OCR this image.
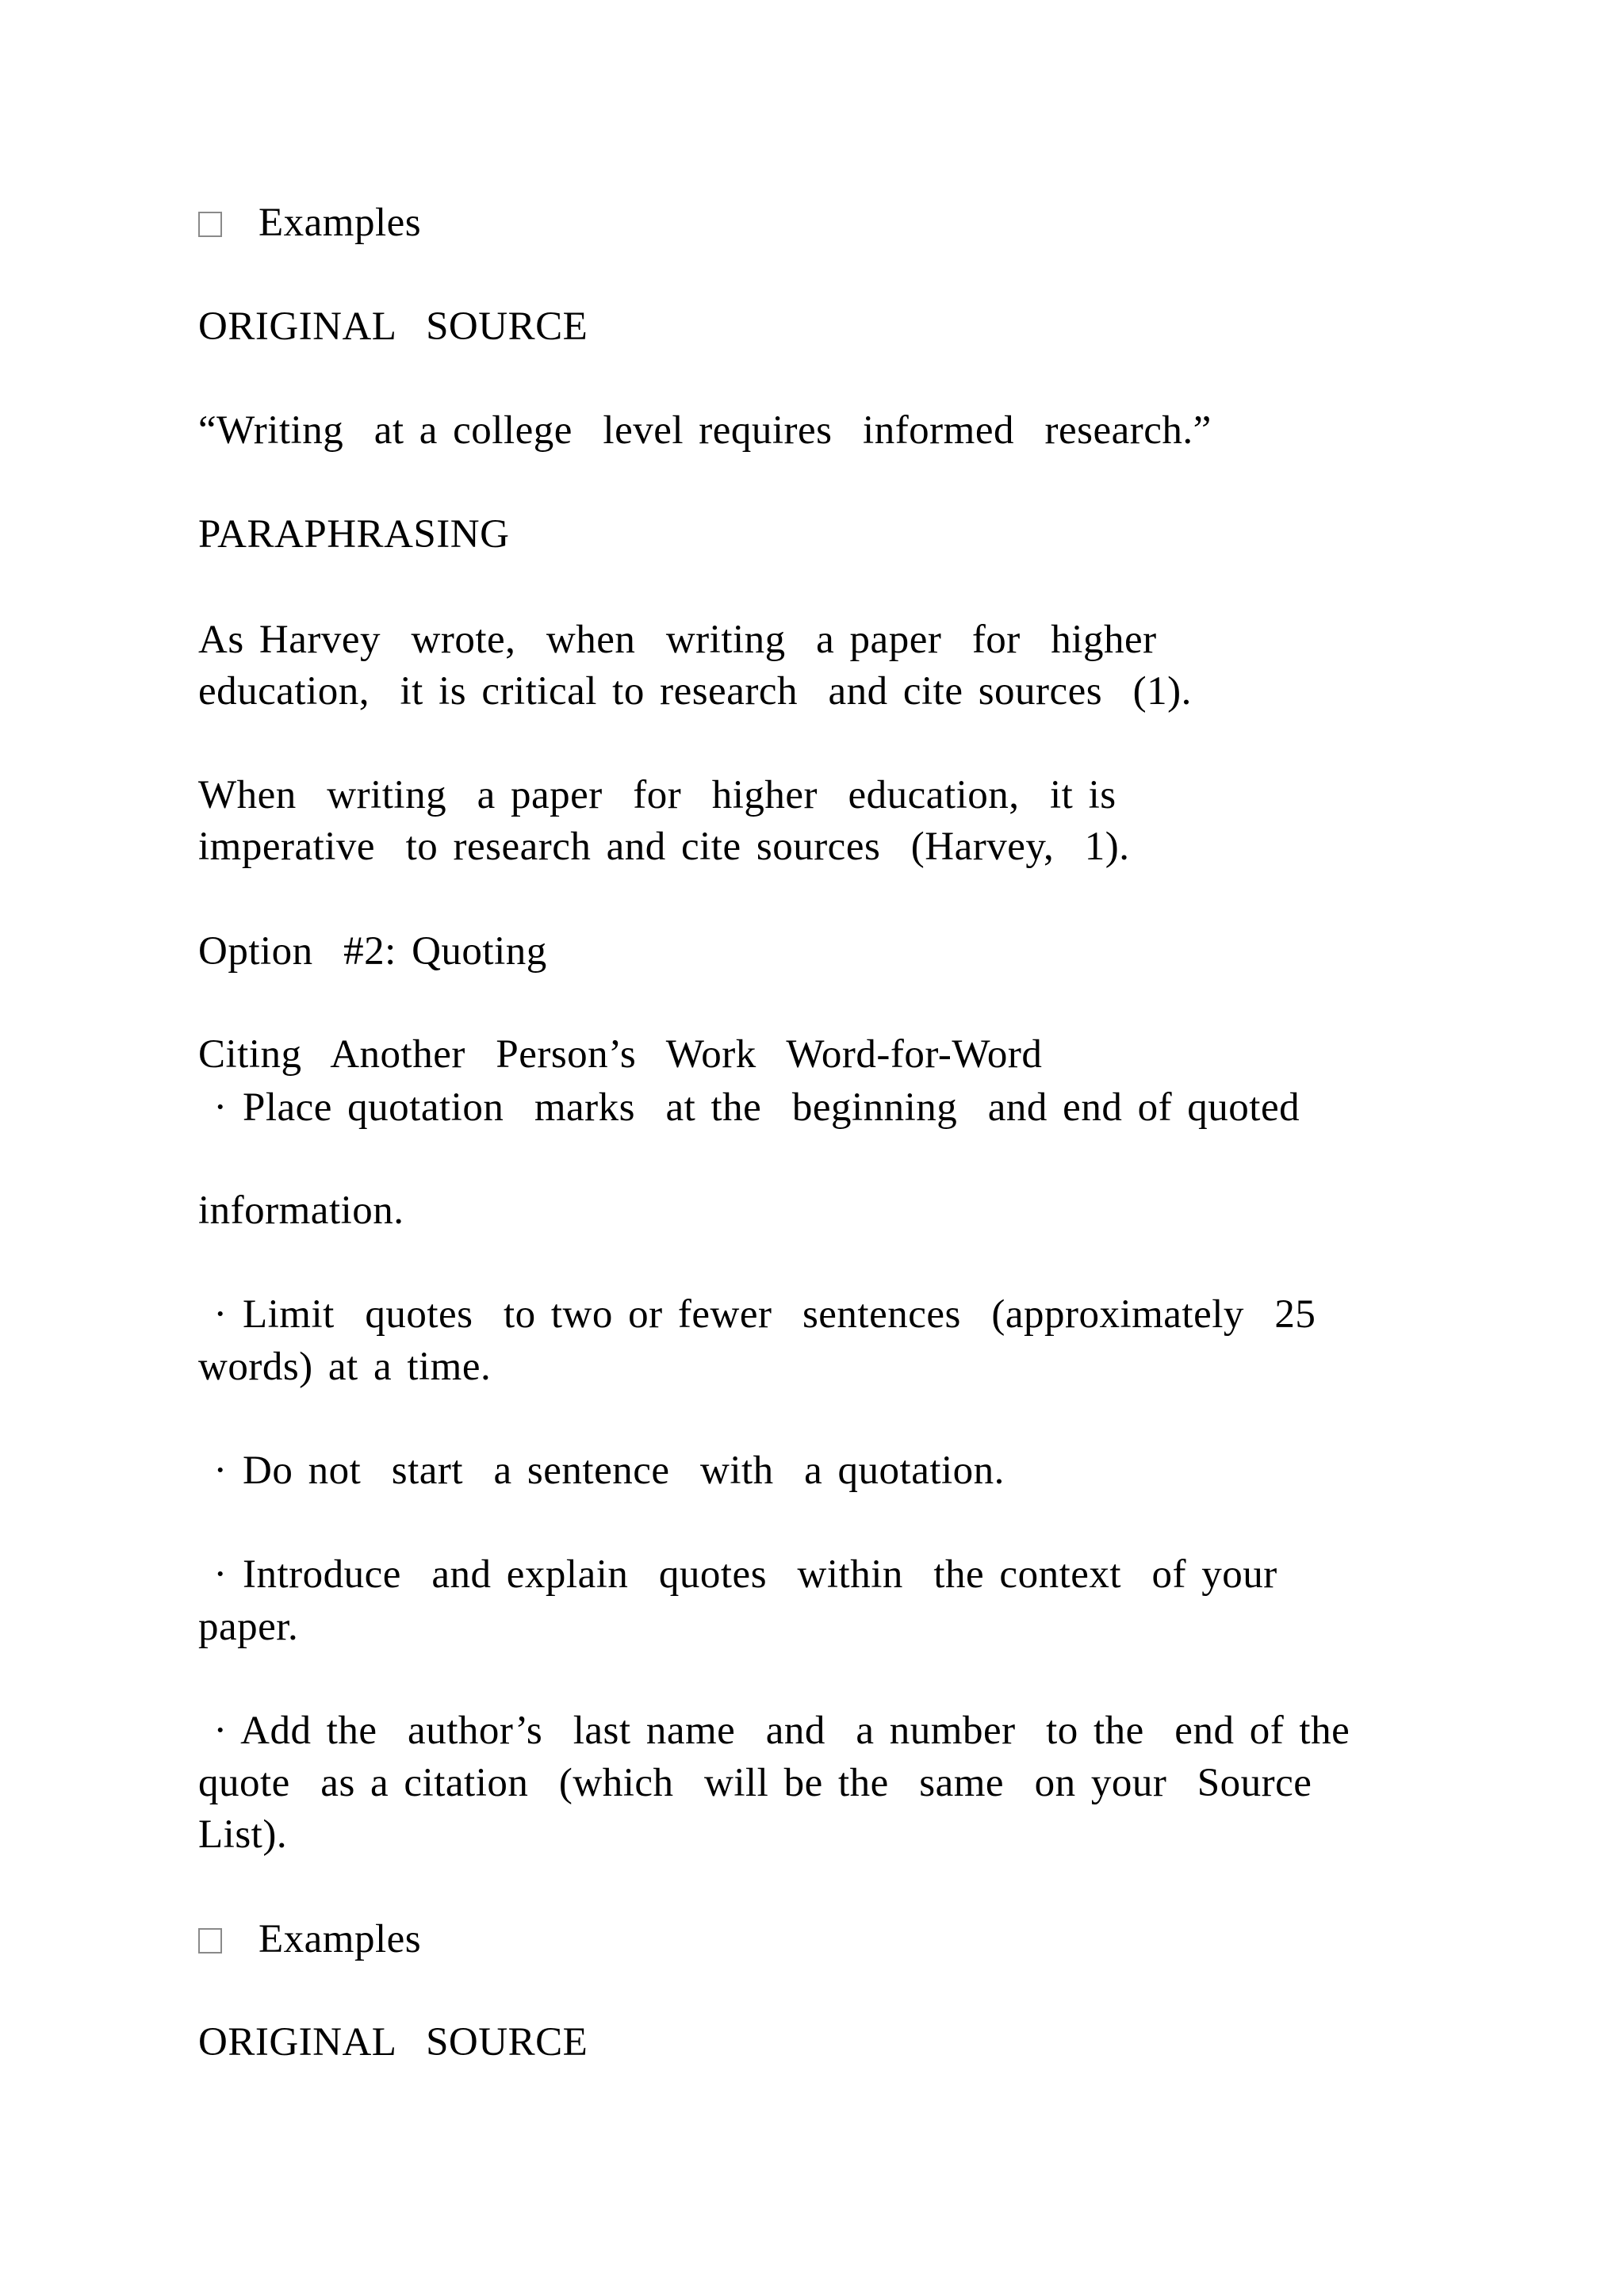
Examples

ORIGINAL  SOURCE

“Writing  at a college  level requires  informed  research.”

PARAPHRASING

As Harvey  wrote,  when  writing  a paper  for  higher

education,  it is critical to research  and cite sources  (1).

When  writing  a paper  for  higher  education,  it is

imperative  to research and cite sources  (Harvey,  1).

Option  #2: Quoting

Citing  Another  Person’s  Work  Word-for-Word

· Place quotation  marks  at the  beginning  and end of quoted

information.

· Limit  quotes  to two or fewer  sentences  (approximately  25

words) at a time.

· Do not  start  a sentence  with  a quotation.

· Introduce  and explain  quotes  within  the context  of your

paper.

· Add the  author’s  last name  and  a number  to the  end of the

quote  as a citation  (which  will be the  same  on your  Source

List).

Examples

ORIGINAL  SOURCE
